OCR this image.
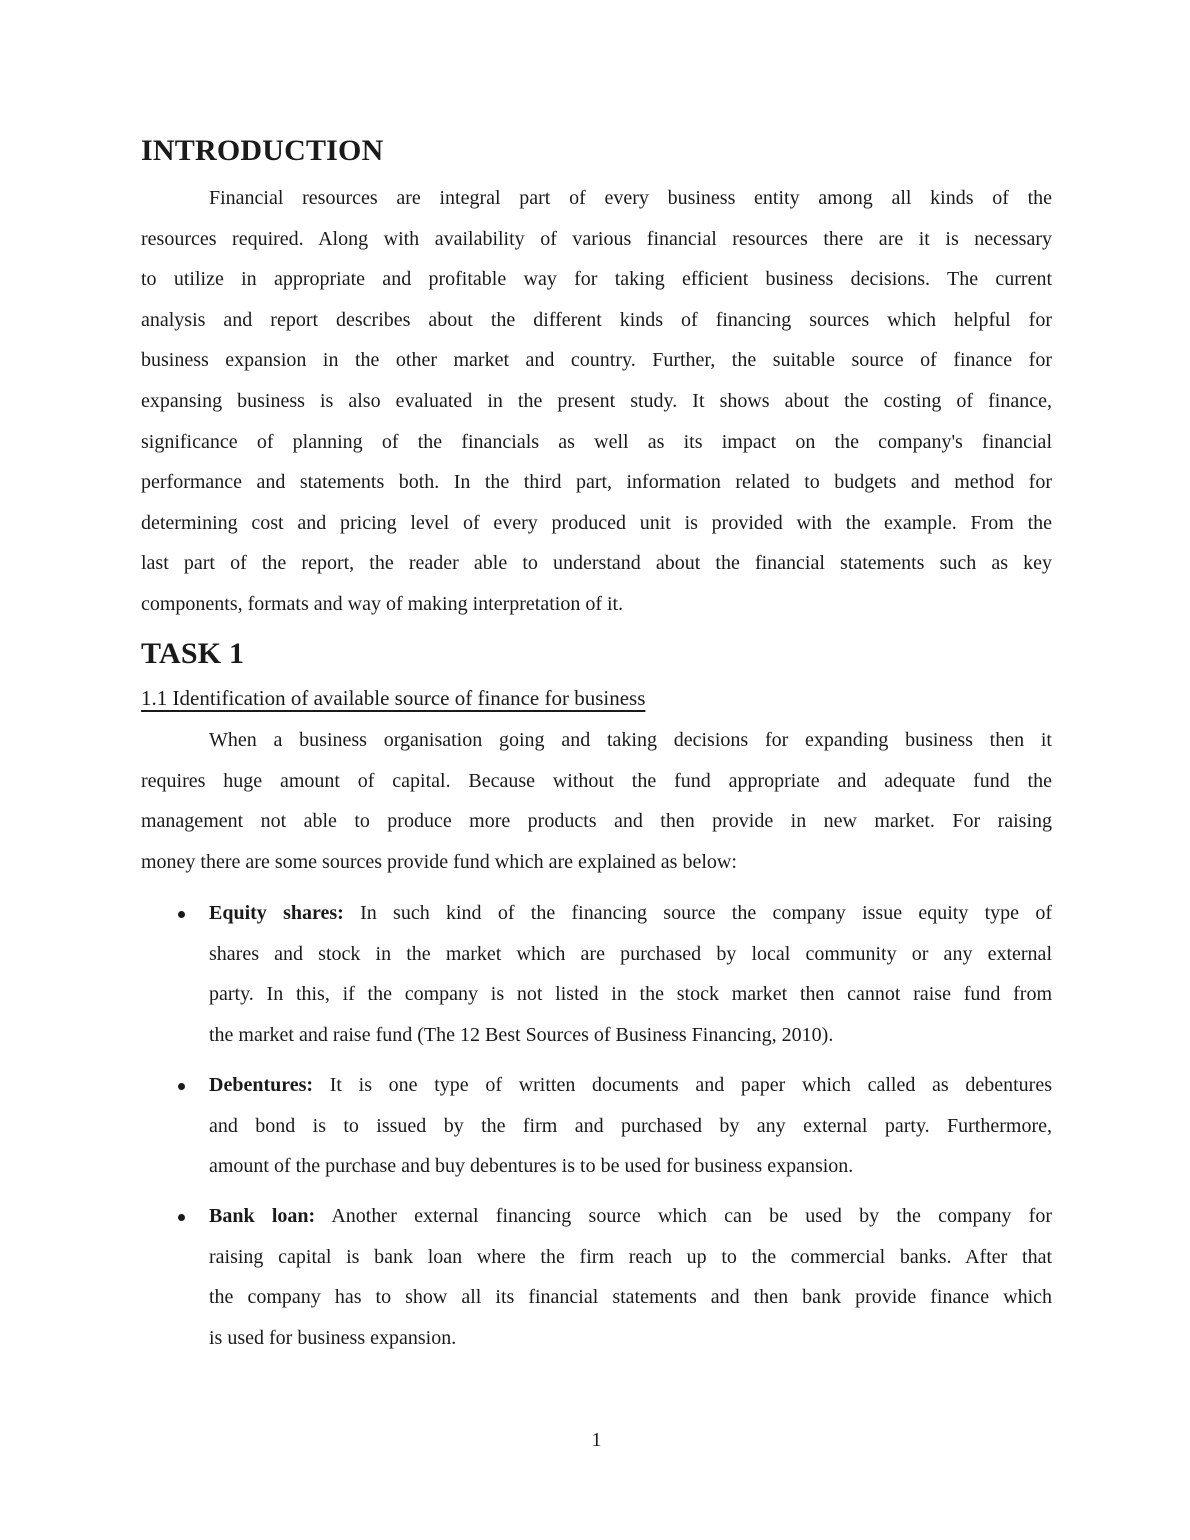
INTRODUCTION
Financial resources are integral part of every business entity among all kinds of the
resources required. Along with availability of various financial resources there are it is necessary
to utilize in appropriate and profitable way for taking efficient business decisions. The current
analysis and report describes about the different kinds of financing sources which helpful for
business expansion in the other market and country. Further, the suitable source of finance for
expansing business is also evaluated in the present study. It shows about the costing of finance,
significance of planning of the financials as well as its impact on the company's financial
performance and statements both. In the third part, information related to budgets and method for
determining cost and pricing level of every produced unit is provided with the example. From the
last part of the report, the reader able to understand about the financial statements such as key
components, formats and way of making interpretation of it.
TASK 1
1.1 Identification of available source of finance for business
When a business organisation going and taking decisions for expanding business then it
requires huge amount of capital. Because without the fund appropriate and adequate fund the
management not able to produce more products and then provide in new market. For raising
money there are some sources provide fund which are explained as below:
Equity shares: In such kind of the financing source the company issue equity type of
shares and stock in the market which are purchased by local community or any external
party. In this, if the company is not listed in the stock market then cannot raise fund from
the market and raise fund (The 12 Best Sources of Business Financing, 2010).
Debentures: It is one type of written documents and paper which called as debentures
and bond is to issued by the firm and purchased by any external party. Furthermore,
amount of the purchase and buy debentures is to be used for business expansion.
Bank loan: Another external financing source which can be used by the company for
raising capital is bank loan where the firm reach up to the commercial banks. After that
the company has to show all its financial statements and then bank provide finance which
is used for business expansion.
1
